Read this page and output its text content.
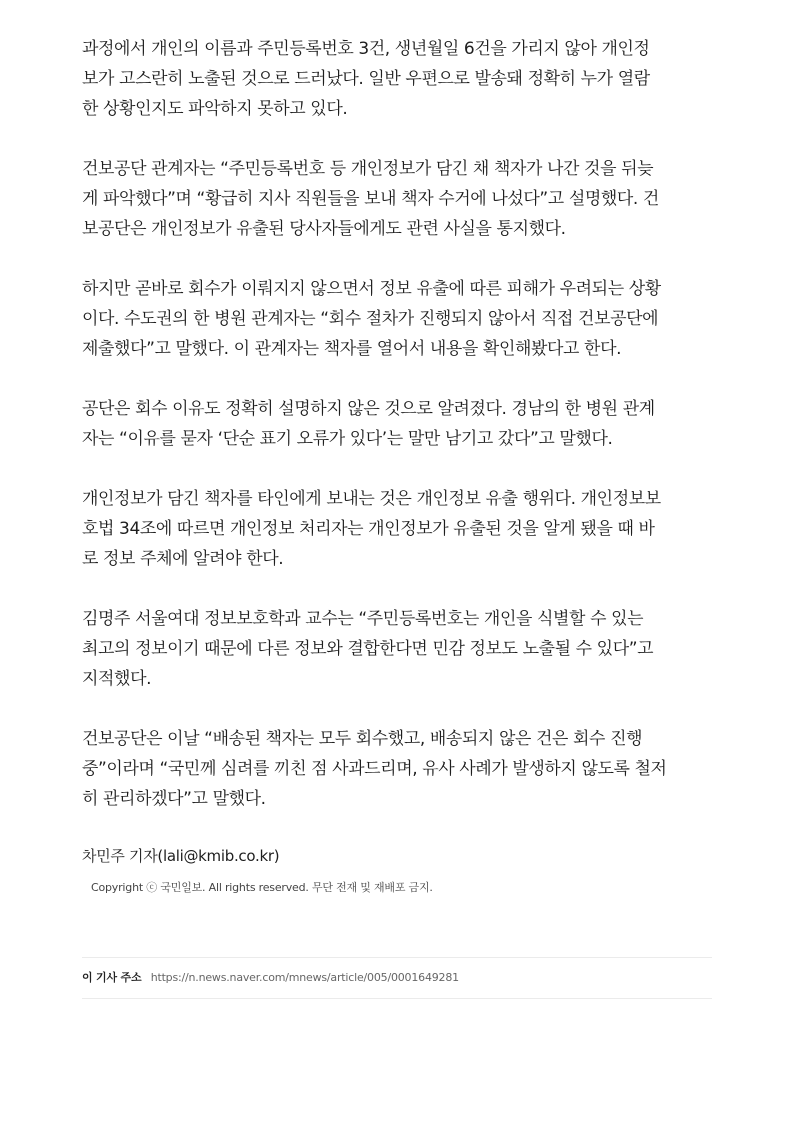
과정에서 개인의 이름과 주민등록번호 3건, 생년월일 6건을 가리지 않아 개인정
보가 고스란히 노출된 것으로 드러났다. 일반 우편으로 발송돼 정확히 누가 열람
한 상황인지도 파악하지 못하고 있다.

건보공단 관계자는 “주민등록번호 등 개인정보가 담긴 채 책자가 나간 것을 뒤늦
게 파악했다”며 “황급히 지사 직원들을 보내 책자 수거에 나섰다”고 설명했다. 건
보공단은 개인정보가 유출된 당사자들에게도 관련 사실을 통지했다.

하지만 곧바로 회수가 이뤄지지 않으면서 정보 유출에 따른 피해가 우려되는 상황
이다. 수도권의 한 병원 관계자는 “회수 절차가 진행되지 않아서 직접 건보공단에
제출했다”고 말했다. 이 관계자는 책자를 열어서 내용을 확인해봤다고 한다.

공단은 회수 이유도 정확히 설명하지 않은 것으로 알려졌다. 경남의 한 병원 관계
자는 “이유를 묻자 ‘단순 표기 오류가 있다’는 말만 남기고 갔다”고 말했다.

개인정보가 담긴 책자를 타인에게 보내는 것은 개인정보 유출 행위다. 개인정보보
호법 34조에 따르면 개인정보 처리자는 개인정보가 유출된 것을 알게 됐을 때 바
로 정보 주체에 알려야 한다.

김명주 서울여대 정보보호학과 교수는 “주민등록번호는 개인을 식별할 수 있는
최고의 정보이기 때문에 다른 정보와 결합한다면 민감 정보도 노출될 수 있다”고
지적했다.

건보공단은 이날 “배송된 책자는 모두 회수했고, 배송되지 않은 건은 회수 진행
중”이라며 “국민께 심려를 끼친 점 사과드리며, 유사 사례가 발생하지 않도록 철저
히 관리하겠다”고 말했다.

차민주 기자(lali@kmib.co.kr)
Copyright ⓒ 국민일보. All rights reserved. 무단 전재 및 재배포 금지.
이 기사 주소 https://n.news.naver.com/mnews/article/005/0001649281
